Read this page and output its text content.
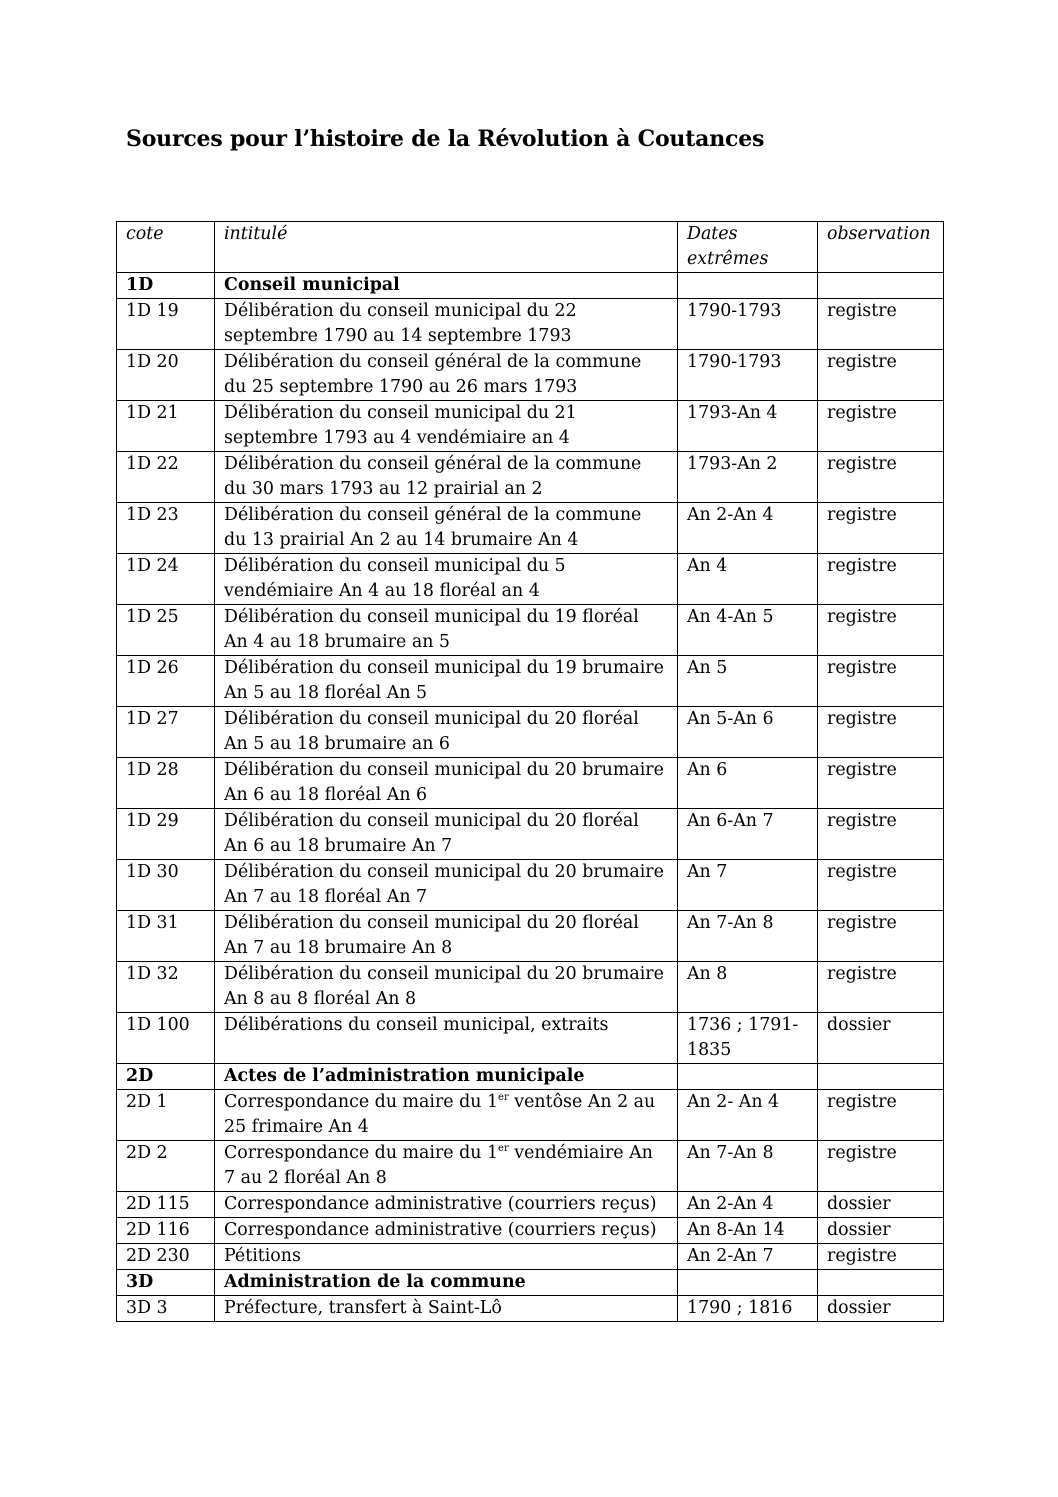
Sources pour l’histoire de la Révolution à Coutances
cote	intitulé	Dates extrêmes	observation
1D	Conseil municipal		
1D 19	Délibération du conseil municipal du 22 septembre 1790 au 14 septembre 1793	1790-1793	registre
1D 20	Délibération du conseil général de la commune du 25 septembre 1790 au 26 mars 1793	1790-1793	registre
1D 21	Délibération du conseil municipal du 21 septembre 1793 au 4 vendémiaire an 4	1793-An 4	registre
1D 22	Délibération du conseil général de la commune du 30 mars 1793 au 12 prairial an 2	1793-An 2	registre
1D 23	Délibération du conseil général de la commune du 13 prairial An 2 au 14 brumaire An 4	An 2-An 4	registre
1D 24	Délibération du conseil municipal du 5 vendémiaire An 4 au 18 floréal an 4	An 4	registre
1D 25	Délibération du conseil municipal du 19 floréal An 4 au 18 brumaire an 5	An 4-An 5	registre
1D 26	Délibération du conseil municipal du 19 brumaire An 5 au 18 floréal An 5	An 5	registre
1D 27	Délibération du conseil municipal du 20 floréal An 5 au 18 brumaire an 6	An 5-An 6	registre
1D 28	Délibération du conseil municipal du 20 brumaire An 6 au 18 floréal An 6	An 6	registre
1D 29	Délibération du conseil municipal du 20 floréal An 6 au 18 brumaire An 7	An 6-An 7	registre
1D 30	Délibération du conseil municipal du 20 brumaire An 7 au 18 floréal An 7	An 7	registre
1D 31	Délibération du conseil municipal du 20 floréal An 7 au 18 brumaire An 8	An 7-An 8	registre
1D 32	Délibération du conseil municipal du 20 brumaire An 8 au 8 floréal An 8	An 8	registre
1D 100	Délibérations du conseil municipal, extraits	1736 ; 1791-1835	dossier
2D	Actes de l’administration municipale		
2D 1	Correspondance du maire du 1er ventôse An 2 au 25 frimaire An 4	An 2- An 4	registre
2D 2	Correspondance du maire du 1er vendémiaire An 7 au 2 floréal An 8	An 7-An 8	registre
2D 115	Correspondance administrative (courriers reçus)	An 2-An 4	dossier
2D 116	Correspondance administrative (courriers reçus)	An 8-An 14	dossier
2D 230	Pétitions	An 2-An 7	registre
3D	Administration de la commune		
3D 3	Préfecture, transfert à Saint-Lô	1790 ; 1816	dossier
